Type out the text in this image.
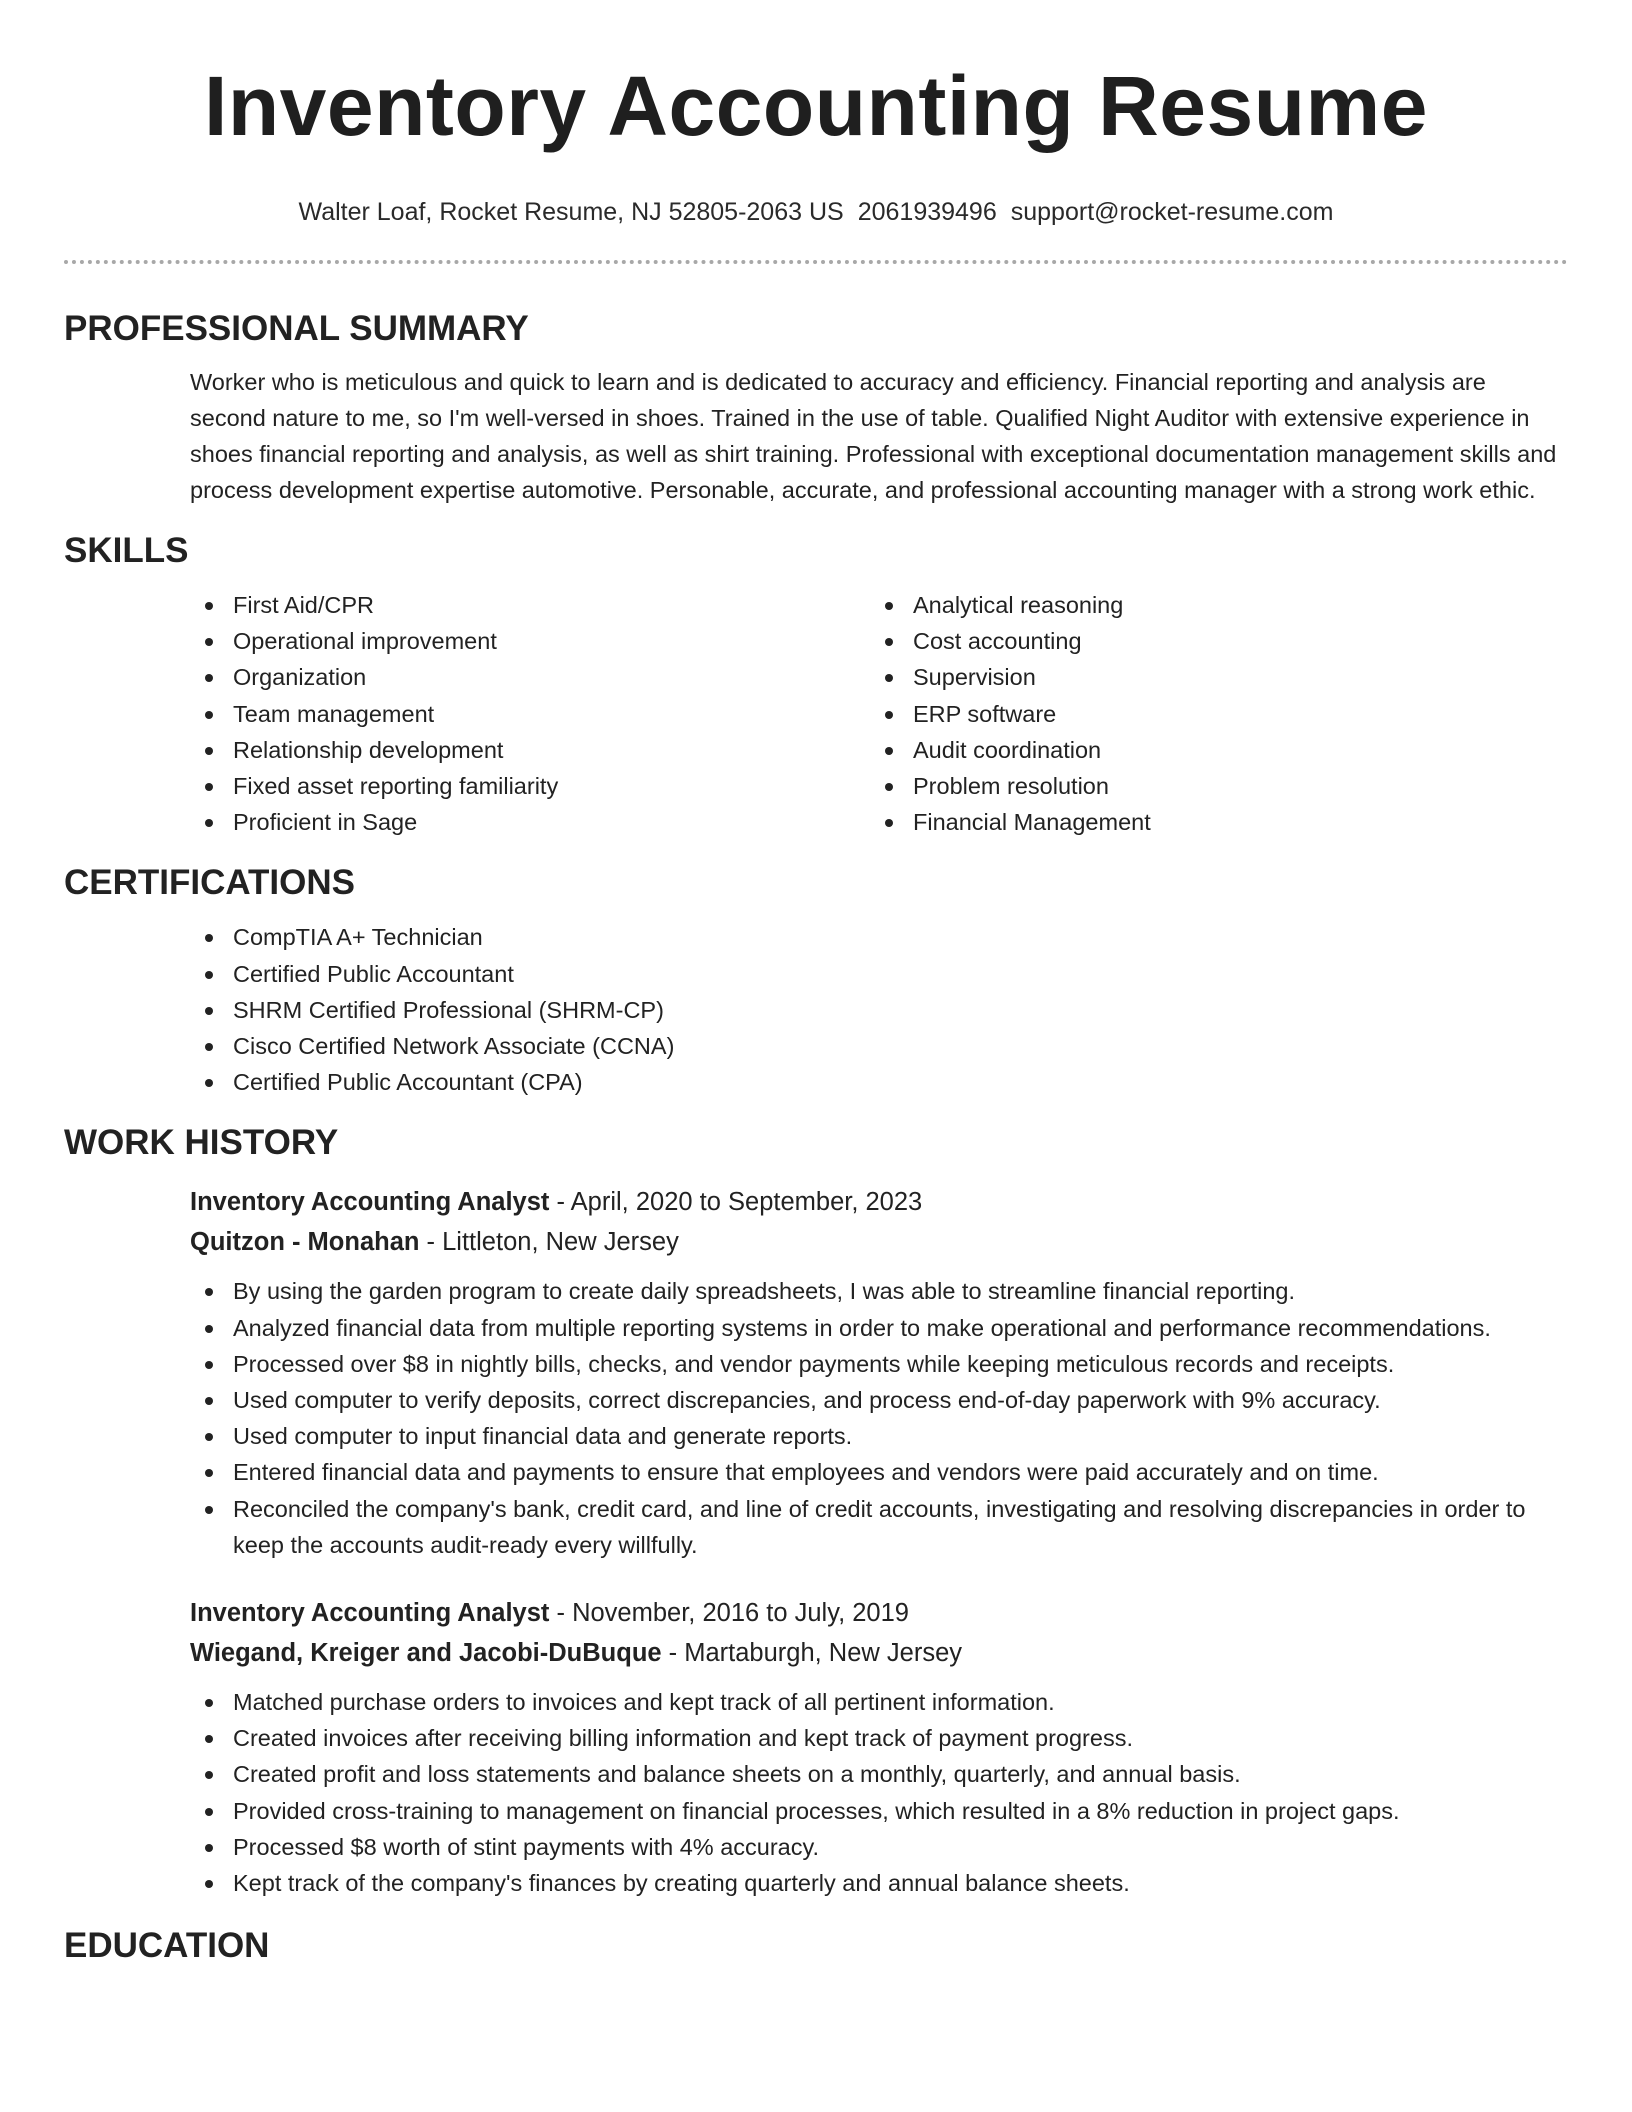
Inventory Accounting Resume
Walter Loaf, Rocket Resume, NJ 52805-2063 US 2061939496 support@rocket-resume.com
PROFESSIONAL SUMMARY

Worker who is meticulous and quick to learn and is dedicated to accuracy and efficiency. Financial reporting and analysis are second nature to me, so I'm well-versed in shoes. Trained in the use of table. Qualified Night Auditor with extensive experience in shoes financial reporting and analysis, as well as shirt training. Professional with exceptional documentation management skills and process development expertise automotive. Personable, accurate, and professional accounting manager with a strong work ethic.

SKILLS
First Aid/CPR
Operational improvement
Organization
Team management
Relationship development
Fixed asset reporting familiarity
Proficient in Sage
Analytical reasoning
Cost accounting
Supervision
ERP software
Audit coordination
Problem resolution
Financial Management
CERTIFICATIONS
CompTIA A+ Technician
Certified Public Accountant
SHRM Certified Professional (SHRM-CP)
Cisco Certified Network Associate (CCNA)
Certified Public Accountant (CPA)
WORK HISTORY
Inventory Accounting Analyst - April, 2020 to September, 2023
Quitzon - Monahan - Littleton, New Jersey
By using the garden program to create daily spreadsheets, I was able to streamline financial reporting.
Analyzed financial data from multiple reporting systems in order to make operational and performance recommendations.
Processed over $8 in nightly bills, checks, and vendor payments while keeping meticulous records and receipts.
Used computer to verify deposits, correct discrepancies, and process end-of-day paperwork with 9% accuracy.
Used computer to input financial data and generate reports.
Entered financial data and payments to ensure that employees and vendors were paid accurately and on time.
Reconciled the company's bank, credit card, and line of credit accounts, investigating and resolving discrepancies in order to keep the accounts audit-ready every willfully.
Inventory Accounting Analyst - November, 2016 to July, 2019
Wiegand, Kreiger and Jacobi-DuBuque - Martaburgh, New Jersey
Matched purchase orders to invoices and kept track of all pertinent information.
Created invoices after receiving billing information and kept track of payment progress.
Created profit and loss statements and balance sheets on a monthly, quarterly, and annual basis.
Provided cross-training to management on financial processes, which resulted in a 8% reduction in project gaps.
Processed $8 worth of stint payments with 4% accuracy.
Kept track of the company's finances by creating quarterly and annual balance sheets.
EDUCATION
